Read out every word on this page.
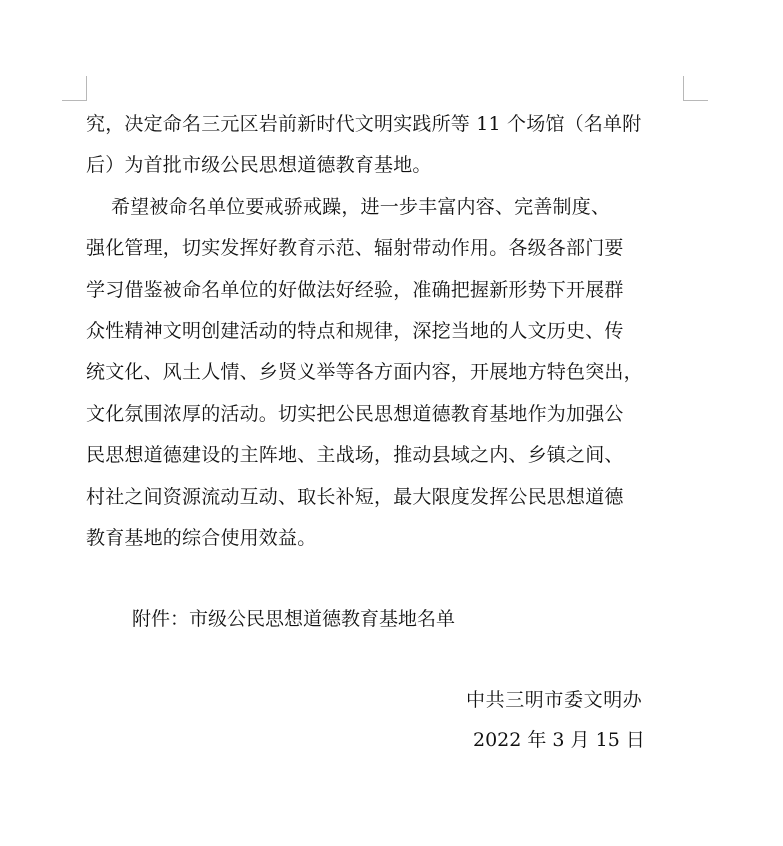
究，决定命名三元区岩前新时代文明实践所等 11 个场馆（名单附
后）为首批市级公民思想道德教育基地。
希望被命名单位要戒骄戒躁，进一步丰富内容、完善制度、
强化管理，切实发挥好教育示范、辐射带动作用。各级各部门要
学习借鉴被命名单位的好做法好经验，准确把握新形势下开展群
众性精神文明创建活动的特点和规律，深挖当地的人文历史、传
统文化、风土人情、乡贤义举等各方面内容，开展地方特色突出，
文化氛围浓厚的活动。切实把公民思想道德教育基地作为加强公
民思想道德建设的主阵地、主战场，推动县域之内、乡镇之间、
村社之间资源流动互动、取长补短，最大限度发挥公民思想道德
教育基地的综合使用效益。
附件：市级公民思想道德教育基地名单
中共三明市委文明办
2022 年 3 月 15 日
